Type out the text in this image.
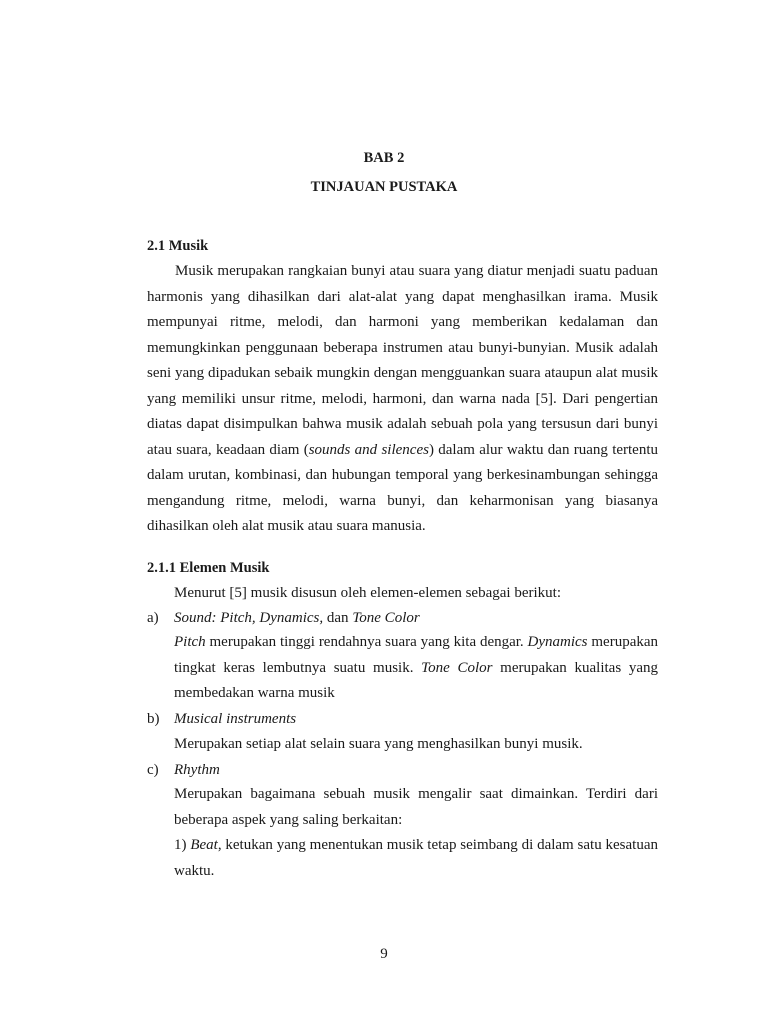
BAB 2
TINJAUAN PUSTAKA
2.1 Musik
Musik merupakan rangkaian bunyi atau suara yang diatur menjadi suatu paduan harmonis yang dihasilkan dari alat-alat yang dapat menghasilkan irama. Musik mempunyai ritme, melodi, dan harmoni yang memberikan kedalaman dan memungkinkan penggunaan beberapa instrumen atau bunyi-bunyian. Musik adalah seni yang dipadukan sebaik mungkin dengan mengguankan suara ataupun alat musik yang memiliki unsur ritme, melodi, harmoni, dan warna nada [5]. Dari pengertian diatas dapat disimpulkan bahwa musik adalah sebuah pola yang tersusun dari bunyi atau suara, keadaan diam (sounds and silences) dalam alur waktu dan ruang tertentu dalam urutan, kombinasi, dan hubungan temporal yang berkesinambungan sehingga mengandung ritme, melodi, warna bunyi, dan keharmonisan yang biasanya dihasilkan oleh alat musik atau suara manusia.
2.1.1 Elemen Musik
Menurut [5] musik disusun oleh elemen-elemen sebagai berikut:
a) Sound: Pitch, Dynamics, dan Tone Color
Pitch merupakan tinggi rendahnya suara yang kita dengar. Dynamics merupakan tingkat keras lembutnya suatu musik. Tone Color merupakan kualitas yang membedakan warna musik
b) Musical instruments
Merupakan setiap alat selain suara yang menghasilkan bunyi musik.
c) Rhythm
Merupakan bagaimana sebuah musik mengalir saat dimainkan. Terdiri dari beberapa aspek yang saling berkaitan:
1) Beat, ketukan yang menentukan musik tetap seimbang di dalam satu kesatuan waktu.
9
